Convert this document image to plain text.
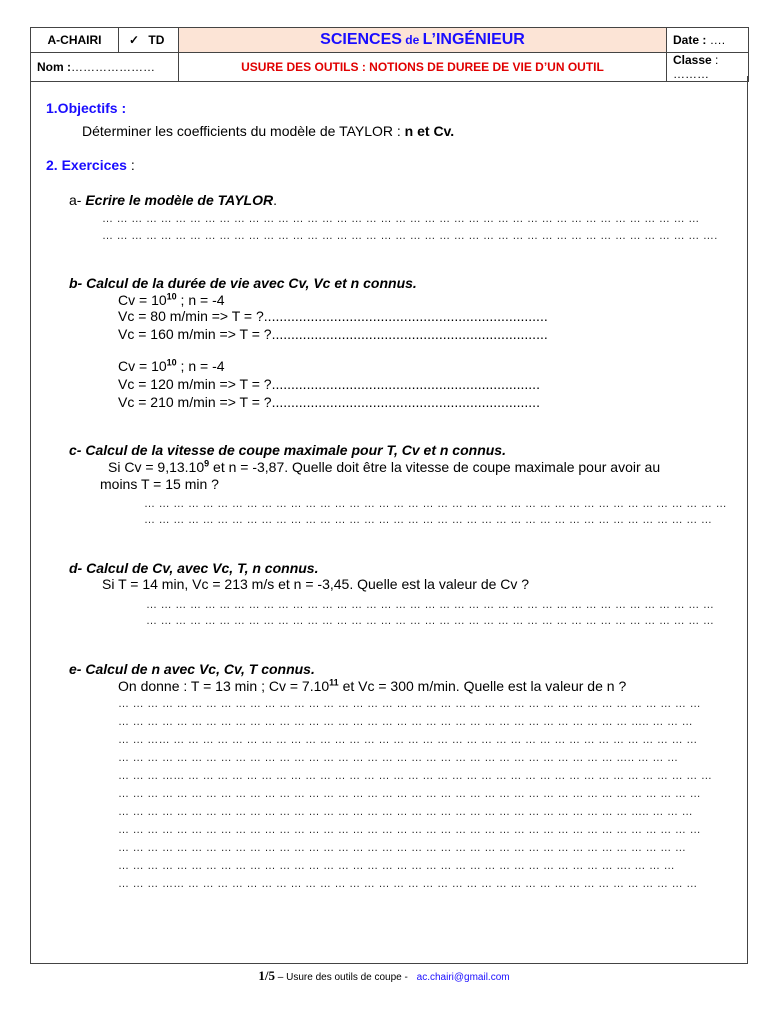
A-CHAIRI	✓ TD	SCIENCES de L’INGÉNIEUR	Date : ….
Nom :…………………		USURE DES OUTILS : NOTIONS DE DUREE DE VIE D’UN OUTIL	Classe : ………
1.Objectifs :
Déterminer les coefficients du modèle de TAYLOR : n et Cv.
2. Exercices :
a- Ecrire le modèle de TAYLOR.
… … … … … … … … … … … … … … … … … … … … … … … … … … … … … … … … … … … … … … … … …
… … … … … … … … … … … … … … … … … … … … … … … … … … … … … … … … … … … … … … … … … ….
b- Calcul de la durée de vie avec Cv, Vc et n connus.
$Cv = 10^{10}$ ; n = -4
Vc = 80 m/min => T = ?.........................................................................
Vc = 160 m/min => T = ?.......................................................................
$Cv = 10^{10}$ ; n = -4
Vc = 120 m/min => T = ?.....................................................................
Vc = 210 m/min => T = ?.....................................................................
c- Calcul de la vitesse de coupe maximale pour T, Cv et n connus.
Si $Cv = 9,13.10^9$ et n = -3,87. Quelle doit être la vitesse de coupe maximale pour avoir au
moins T = 15 min ?
… … … … … … … … … … … … … … … … … … … … … … … … … … … … … … … … … … … … … … … …
… … … … … … … … … … … … … … … … … … … … … … … … … … … … … … … … … … … … … … …
d- Calcul de Cv, avec Vc, T, n connus.
Si T = 14 min, Vc = 213 m/s et n = -3,45. Quelle est la valeur de Cv ?
… … … … … … … … … … … … … … … … … … … … … … … … … … … … … … … … … … … … … … …
… … … … … … … … … … … … … … … … … … … … … … … … … … … … … … … … … … … … … … …
e- Calcul de n avec Vc, Cv, T connus.
On donne : T = 13 min ; $Cv = 7.10^{11}$ et Vc = 300 m/min. Quelle est la valeur de n ?
… … … … … … … … … … … … … … … … … … … … … … … … … … … … … … … … … … … … … … … …
… … … … … … … … … … … … … … … … … … … … … … … … … … … … … … … … … … … ….. … … …
… … …… … … … … … … … … … … … … … … … … … … … … … … … … … … … … … … … … … … … …
… … … … … … … … … … … … … … … … … … … … … … … … … … … … … … … … … … ….. … … …
… … … …… … … … … … … … … … … … … … … … … … … … … … … … … … … … … … … … … … … … …
… … … … … … … … … … … … … … … … … … … … … … … … … … … … … … … … … … … … … … … …
… … … … … … … … … … … … … … … … … … … … … … … … … … … … … … … … … … … ….. … … …
… … … … … … … … … … … … … … … … … … … … … … … … … … … … … … … … … … … … … … … …
… … … … … … … … … … … … … … … … … … … … … … … … … … … … … … … … … … … … … … …
… … … … … … … … … … … … … … … … … … … … … … … … … … … … … … … … … … …. … … …
… … … …… … … … … … … … … … … … … … … … … … … … … … … … … … … … … … … … … … … …
1/5 – Usure des outils de coupe - ac.chairi@gmail.com
